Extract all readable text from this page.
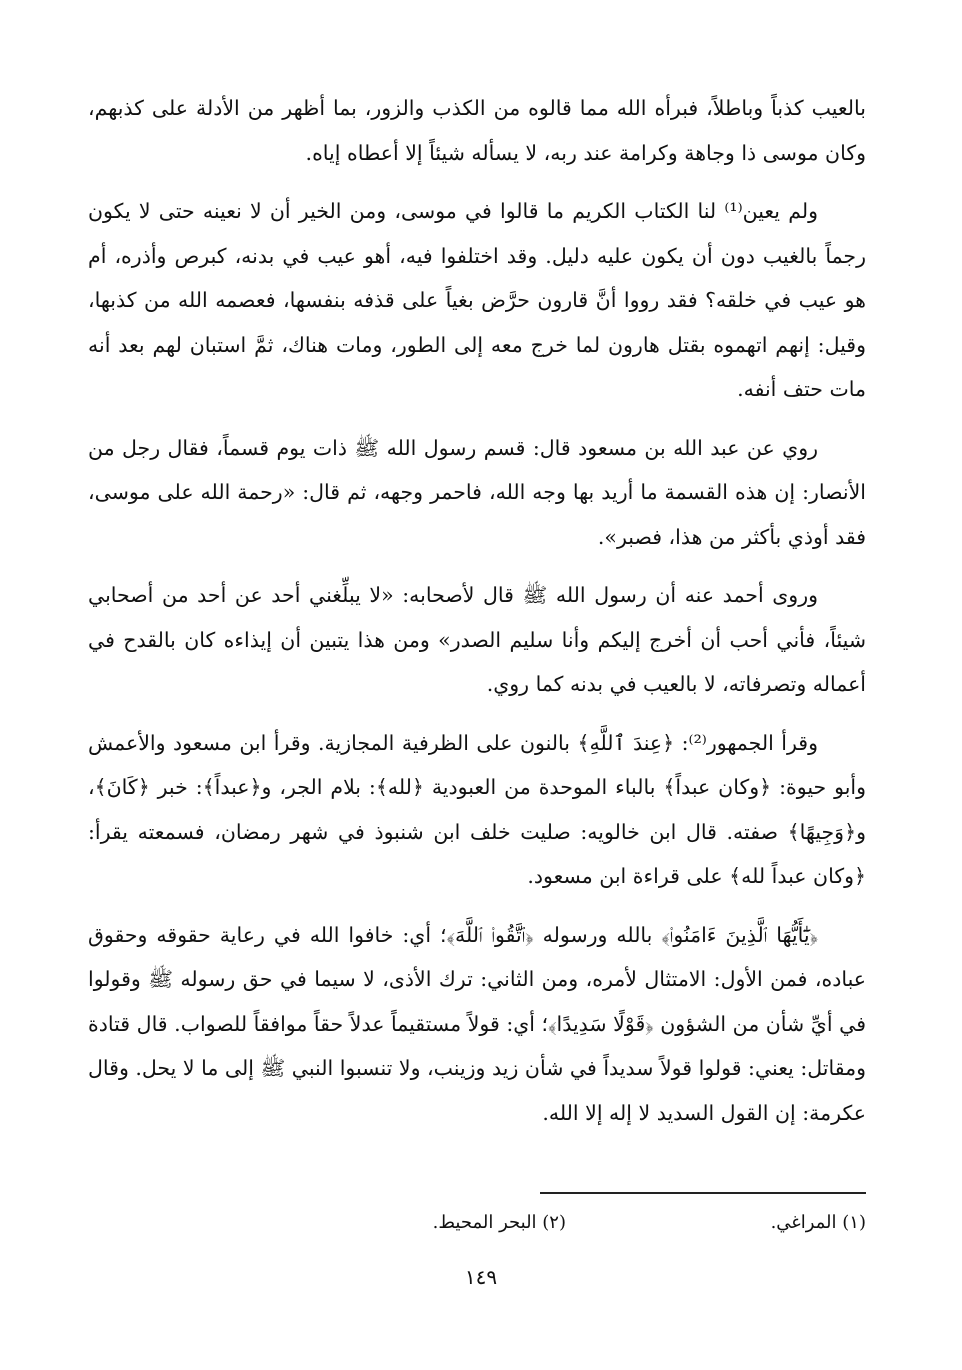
بالعيب كذباً وباطلاً، فبرأه الله مما قالوه من الكذب والزور، بما أظهر من الأدلة على كذبهم، وكان موسى ذا وجاهة وكرامة عند ربه، لا يسأله شيئاً إلا أعطاه إياه.

ولم يعين⁽¹⁾ لنا الكتاب الكريم ما قالوا في موسى، ومن الخير أن لا نعينه حتى لا يكون رجماً بالغيب دون أن يكون عليه دليل. وقد اختلفوا فيه، أهو عيب في بدنه، كبرص وأذره، أم هو عيب في خلقه؟ فقد رووا أنَّ قارون حرَّض بغياً على قذفه بنفسها، فعصمه الله من كذبها، وقيل: إنهم اتهموه بقتل هارون لما خرج معه إلى الطور، ومات هناك، ثمَّ استبان لهم بعد أنه مات حتف أنفه.

روي عن عبد الله بن مسعود قال: قسم رسول الله ﷺ ذات يوم قسماً، فقال رجل من الأنصار: إن هذه القسمة ما أريد بها وجه الله، فاحمر وجهه، ثم قال: «رحمة الله على موسى، فقد أوذي بأكثر من هذا، فصبر».

وروى أحمد عنه أن رسول الله ﷺ قال لأصحابه: «لا يبلِّغني أحد عن أحد من أصحابي شيئاً، فأني أحب أن أخرج إليكم وأنا سليم الصدر» ومن هذا يتبين أن إيذاءه كان بالقدح في أعماله وتصرفاته، لا بالعيب في بدنه كما روي.

وقرأ الجمهور⁽²⁾: ﴿عِندَ ٱللَّهِ﴾ بالنون على الظرفية المجازية. وقرأ ابن مسعود والأعمش وأبو حيوة: ﴿وكان عبداً﴾ بالباء الموحدة من العبودية ﴿لله﴾: بلام الجر، و﴿عبداً﴾: خبر ﴿كَانَ﴾، و﴿وَجِيهًا﴾ صفته. قال ابن خالويه: صليت خلف ابن شنبوذ في شهر رمضان، فسمعته يقرأ: ﴿وكان عبداً لله﴾ على قراءة ابن مسعود.

﴿يَٰٓأَيُّهَا ٱلَّذِينَ ءَامَنُوا۟﴾ بالله ورسوله ﴿ٱتَّقُوا۟ ٱللَّهَ﴾؛ أي: خافوا الله في رعاية حقوقه وحقوق عباده، فمن الأول: الامتثال لأمره، ومن الثاني: ترك الأذى، لا سيما في حق رسوله ﷺ وقولوا في أيِّ شأن من الشؤون ﴿قَوْلًا سَدِيدًا﴾؛ أي: قولاً مستقيماً عدلاً حقاً موافقاً للصواب. قال قتادة ومقاتل: يعني: قولوا قولاً سديداً في شأن زيد وزينب، ولا تنسبوا النبي ﷺ إلى ما لا يحل. وقال عكرمة: إن القول السديد لا إله إلا الله.

(١) المراغي.
(٢) البحر المحيط.
١٤٩
